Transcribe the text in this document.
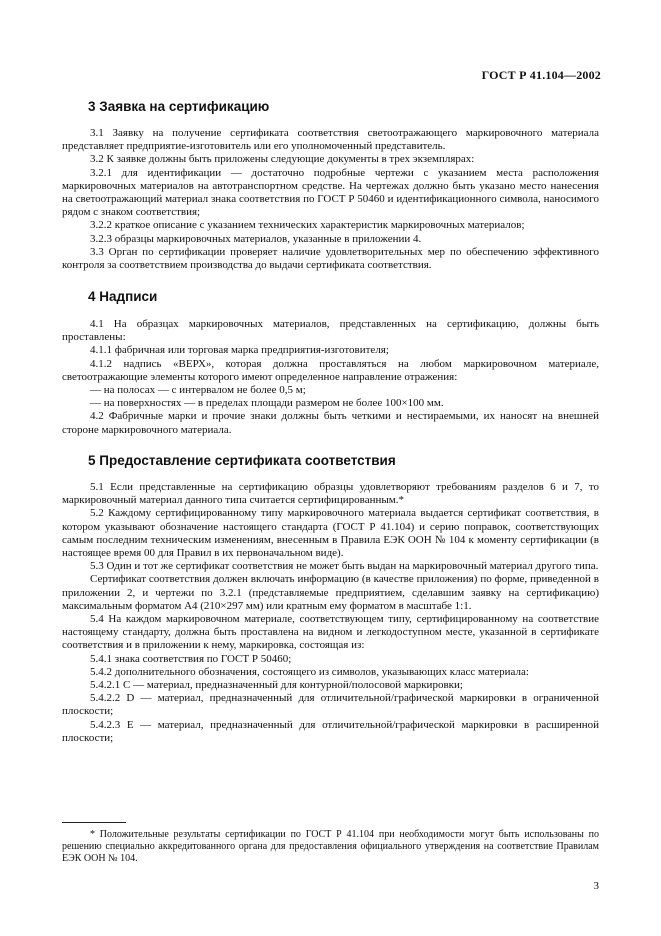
ГОСТ Р 41.104—2002
3 Заявка на сертификацию

3.1 Заявку на получение сертификата соответствия светоотражающего маркировочного материала представляет предприятие-изготовитель или его уполномоченный представитель.

3.2 К заявке должны быть приложены следующие документы в трех экземплярах:

3.2.1 для идентификации — достаточно подробные чертежи с указанием места расположения маркировочных материалов на автотранспортном средстве. На чертежах должно быть указано место нанесения на светоотражающий материал знака соответствия по ГОСТ Р 50460 и идентификационного символа, наносимого рядом с знаком соответствия;

3.2.2 краткое описание с указанием технических характеристик маркировочных материалов;

3.2.3 образцы маркировочных материалов, указанные в приложении 4.

3.3 Орган по сертификации проверяет наличие удовлетворительных мер по обеспечению эффективного контроля за соответствием производства до выдачи сертификата соответствия.

4 Надписи

4.1 На образцах маркировочных материалов, представленных на сертификацию, должны быть проставлены:

4.1.1 фабричная или торговая марка предприятия-изготовителя;

4.1.2 надпись «ВЕРХ», которая должна проставляться на любом маркировочном материале, светоотражающие элементы которого имеют определенное направление отражения:

— на полосах — с интервалом не более 0,5 м;

— на поверхностях — в пределах площади размером не более 100×100 мм.

4.2 Фабричные марки и прочие знаки должны быть четкими и нестираемыми, их наносят на внешней стороне маркировочного материала.

5 Предоставление сертификата соответствия

5.1 Если представленные на сертификацию образцы удовлетворяют требованиям разделов 6 и 7, то маркировочный материал данного типа считается сертифицированным.*

5.2 Каждому сертифицированному типу маркировочного материала выдается сертификат соответствия, в котором указывают обозначение настоящего стандарта (ГОСТ Р 41.104) и серию поправок, соответствующих самым последним техническим изменениям, внесенным в Правила ЕЭК ООН № 104 к моменту сертификации (в настоящее время 00 для Правил в их первоначальном виде).

5.3 Один и тот же сертификат соответствия не может быть выдан на маркировочный материал другого типа.

Сертификат соответствия должен включать информацию (в качестве приложения) по форме, приведенной в приложении 2, и чертежи по 3.2.1 (представляемые предприятием, сделавшим заявку на сертификацию) максимальным форматом А4 (210×297 мм) или кратным ему форматом в масштабе 1:1.

5.4 На каждом маркировочном материале, соответствующем типу, сертифицированному на соответствие настоящему стандарту, должна быть проставлена на видном и легкодоступном месте, указанной в сертификате соответствия и в приложении к нему, маркировка, состоящая из:

5.4.1 знака соответствия по ГОСТ Р 50460;

5.4.2 дополнительного обозначения, состоящего из символов, указывающих класс материала:

5.4.2.1 С — материал, предназначенный для контурной/полосовой маркировки;

5.4.2.2 D — материал, предназначенный для отличительной/графической маркировки в ограниченной плоскости;

5.4.2.3 Е — материал, предназначенный для отличительной/графической маркировки в расширенной плоскости;

* Положительные результаты сертификации по ГОСТ Р 41.104 при необходимости могут быть использованы по решению специально аккредитованного органа для предоставления официального утверждения на соответствие Правилам ЕЭК ООН № 104.

3
